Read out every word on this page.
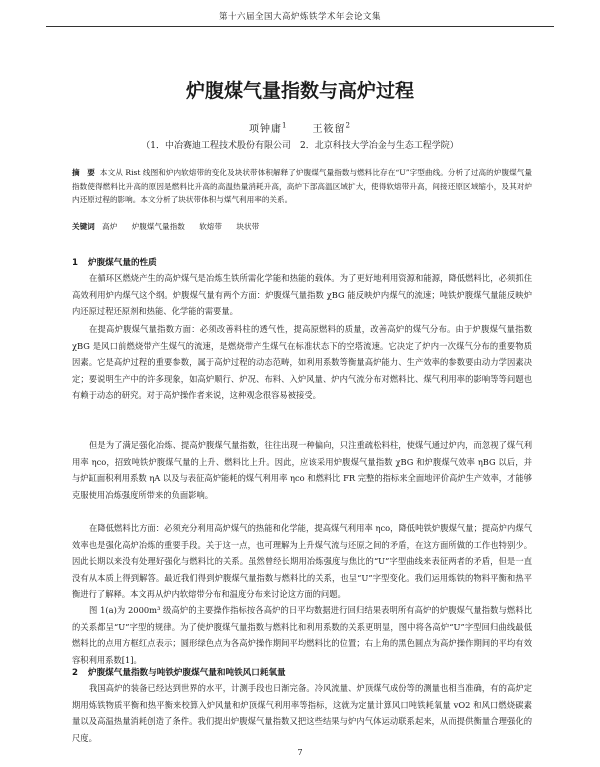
第十六届全国大高炉炼铁学术年会论文集
炉腹煤气量指数与高炉过程
项钟庸$^1$	王筱留$^2$
（1．中冶赛迪工程技术股份有限公司　2．北京科技大学冶金与生态工程学院）
摘　要 本文从 Rist 线图和炉内软熔带的变化及块状带体积解释了炉腹煤气量指数与燃料比存在“U”字型曲线。分析了过高的炉腹煤气量指数使得燃料比升高的原因是燃料比升高的高温热量消耗升高，高炉下部高温区域扩大，使得软熔带升高，间接还原区域缩小，及其对炉内还原过程的影响。本文分析了块状带体积与煤气利用率的关系。
关键词 高炉 炉腹煤气量指数 软熔带 块状带
1 炉腹煤气量的性质
在循环区燃烧产生的高炉煤气是冶炼生铁所需化学能和热能的载体。为了更好地利用资源和能源，降低燃料比，必须抓住高效利用炉内煤气这个纲。炉腹煤气量有两个方面：炉腹煤气量指数 χBG 能反映炉内煤气的流速；吨铁炉腹煤气量能反映炉内还原过程还原剂和热能、化学能的需要量。
在提高炉腹煤气量指数方面：必须改善料柱的透气性，提高原燃料的质量，改善高炉的煤气分布。由于炉腹煤气量指数 χBG 是风口前燃烧带产生煤气的流速，是燃烧带产生煤气在标准状态下的空塔流速。它决定了炉内一次煤气分布的重要物质因素。它是高炉过程的重要参数，属于高炉过程的动态范畴，如利用系数等衡量高炉能力、生产效率的参数要由动力学因素决定；要说明生产中的许多现象，如高炉顺行、炉况、布料、入炉风量、炉内气流分布对燃料比、煤气利用率的影响等等问题也有赖于动态的研究。对于高炉操作者来说，这种观念很容易被接受。
但是为了满足强化冶炼、提高炉腹煤气量指数，往往出现一种偏向，只注重疏松料柱，使煤气通过炉内，而忽视了煤气利用率 ηco，招致吨铁炉腹煤气量的上升、燃料比上升。因此，应该采用炉腹煤气量指数 χBG 和炉腹煤气效率 ηBG 以后，并与炉缸面积利用系数 ηA 以及与表征高炉能耗的煤气利用率 ηco 和燃料比 FR 完整的指标来全面地评价高炉生产效率，才能够克服使用冶炼强度所带来的负面影响。
在降低燃料比方面：必须充分利用高炉煤气的热能和化学能，提高煤气利用率 ηco，降低吨铁炉腹煤气量；提高炉内煤气效率也是强化高炉冶炼的重要手段。关于这一点，也可理解为上升煤气流与还原之间的矛盾，在这方面所做的工作也特别少。因此长期以来没有处理好强化与燃料比的关系。虽然曾经长期用冶炼强度与焦比的“U”字型曲线来表征两者的矛盾，但是一直没有从本质上得到解答。最近我们得到炉腹煤气量指数与燃料比的关系，也呈“U”字型变化。我们运用炼铁的物料平衡和热平衡进行了解释。本文再从炉内软熔带分布和温度分布来讨论这方面的问题。
图 1(a)为 2000m³ 级高炉的主要操作指标按各高炉的日平均数据进行回归结果表明所有高炉的炉腹煤气量指数与燃料比的关系都呈“U”字型的规律。为了使炉腹煤气量指数与燃料比和利用系数的关系更明显，图中将各高炉“U”字型回归曲线最低燃料比的点用方框红点表示；圆形绿色点为各高炉操作期间平均燃料比的位置；右上角的黑色圆点为高炉操作期间的平均有效容积利用系数[1]。
2 炉腹煤气量指数与吨铁炉腹煤气量和吨铁风口耗氧量
我国高炉的装备已经达到世界的水平，计测手段也日渐完备。冷风流量、炉顶煤气成份等的测量也相当准确，有的高炉定期用炼铁物质平衡和热平衡来校算入炉风量和炉顶煤气利用率等指标，这就为定量计算风口吨铁耗氧量 vO2 和风口燃烧碳素量以及高温热量消耗创造了条件。我们提出炉腹煤气量指数又把这些结果与炉内气体运动联系起来，从而提供衡量合理强化的尺度。
7
